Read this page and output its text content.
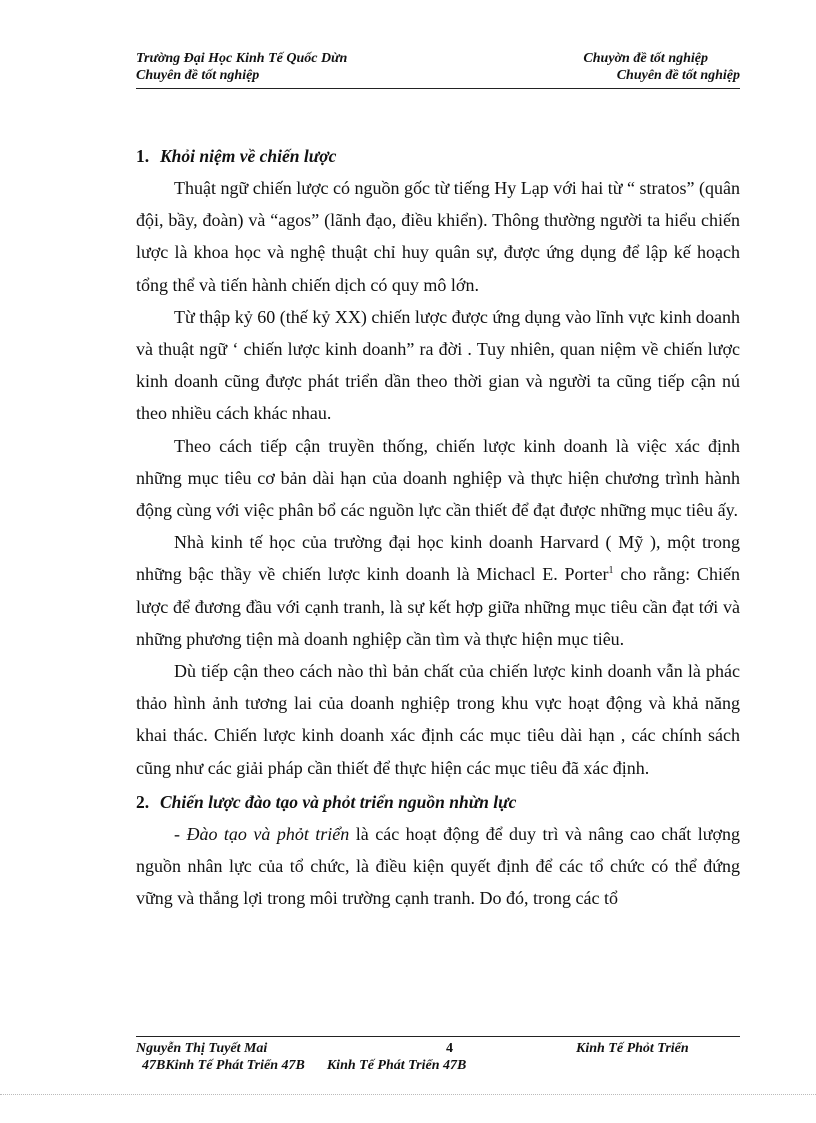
Trường Đại Học Kinh Tế Quốc Dừn	Chuyờn đề tốt nghiệp
Chuyên đề tốt nghiệp	Chuyên đề tốt nghiệp
1. Khỏi niệm về chiến lược

Thuật ngữ chiến lược có nguồn gốc từ tiếng Hy Lạp với hai từ “ stratos” (quân đội, bầy, đoàn) và “agos” (lãnh đạo, điều khiển). Thông thường người ta hiểu chiến lược là khoa học và nghệ thuật chỉ huy quân sự, được ứng dụng để lập kế hoạch tổng thể và tiến hành chiến dịch có quy mô lớn.

Từ thập kỷ 60 (thế kỷ XX) chiến lược được ứng dụng vào lĩnh vực kinh doanh và thuật ngữ ‘ chiến lược kinh doanh” ra đời . Tuy nhiên, quan niệm về chiến lược kinh doanh cũng được phát triển dần theo thời gian và người ta cũng tiếp cận nú theo nhiều cách khác nhau.

Theo cách tiếp cận truyền thống, chiến lược kinh doanh là việc xác định những mục tiêu cơ bản dài hạn của doanh nghiệp và thực hiện chương trình hành động cùng với việc phân bổ các nguồn lực cần thiết để đạt được những mục tiêu ấy.

Nhà kinh tế học của trường đại học kinh doanh Harvard ( Mỹ ), một trong những bậc thầy về chiến lược kinh doanh là Michacl E. Porter$^1$ cho rằng: Chiến lược để đương đầu với cạnh tranh, là sự kết hợp giữa những mục tiêu cần đạt tới và những phương tiện mà doanh nghiệp cần tìm và thực hiện mục tiêu.

Dù tiếp cận theo cách nào thì bản chất của chiến lược kinh doanh vẫn là phác thảo hình ảnh tương lai của doanh nghiệp trong khu vực hoạt động và khả năng khai thác. Chiến lược kinh doanh xác định các mục tiêu dài hạn , các chính sách cũng như các giải pháp cần thiết để thực hiện các mục tiêu đã xác định.

2. Chiến lược đào tạo và phỏt triển nguồn nhừn lực

- Đào tạo và phỏt triển là các hoạt động để duy trì và nâng cao chất lượng nguồn nhân lực của tổ chức, là điều kiện quyết định để các tổ chức có thể đứng vững và thắng lợi trong môi trường cạnh tranh. Do đó, trong các tổ

Nguyễn Thị Tuyết Mai	4	Kinh Tế Phỏt Triển
47BKinh Tế Phát Triển 47B Kinh Tế Phát Triển 47B
